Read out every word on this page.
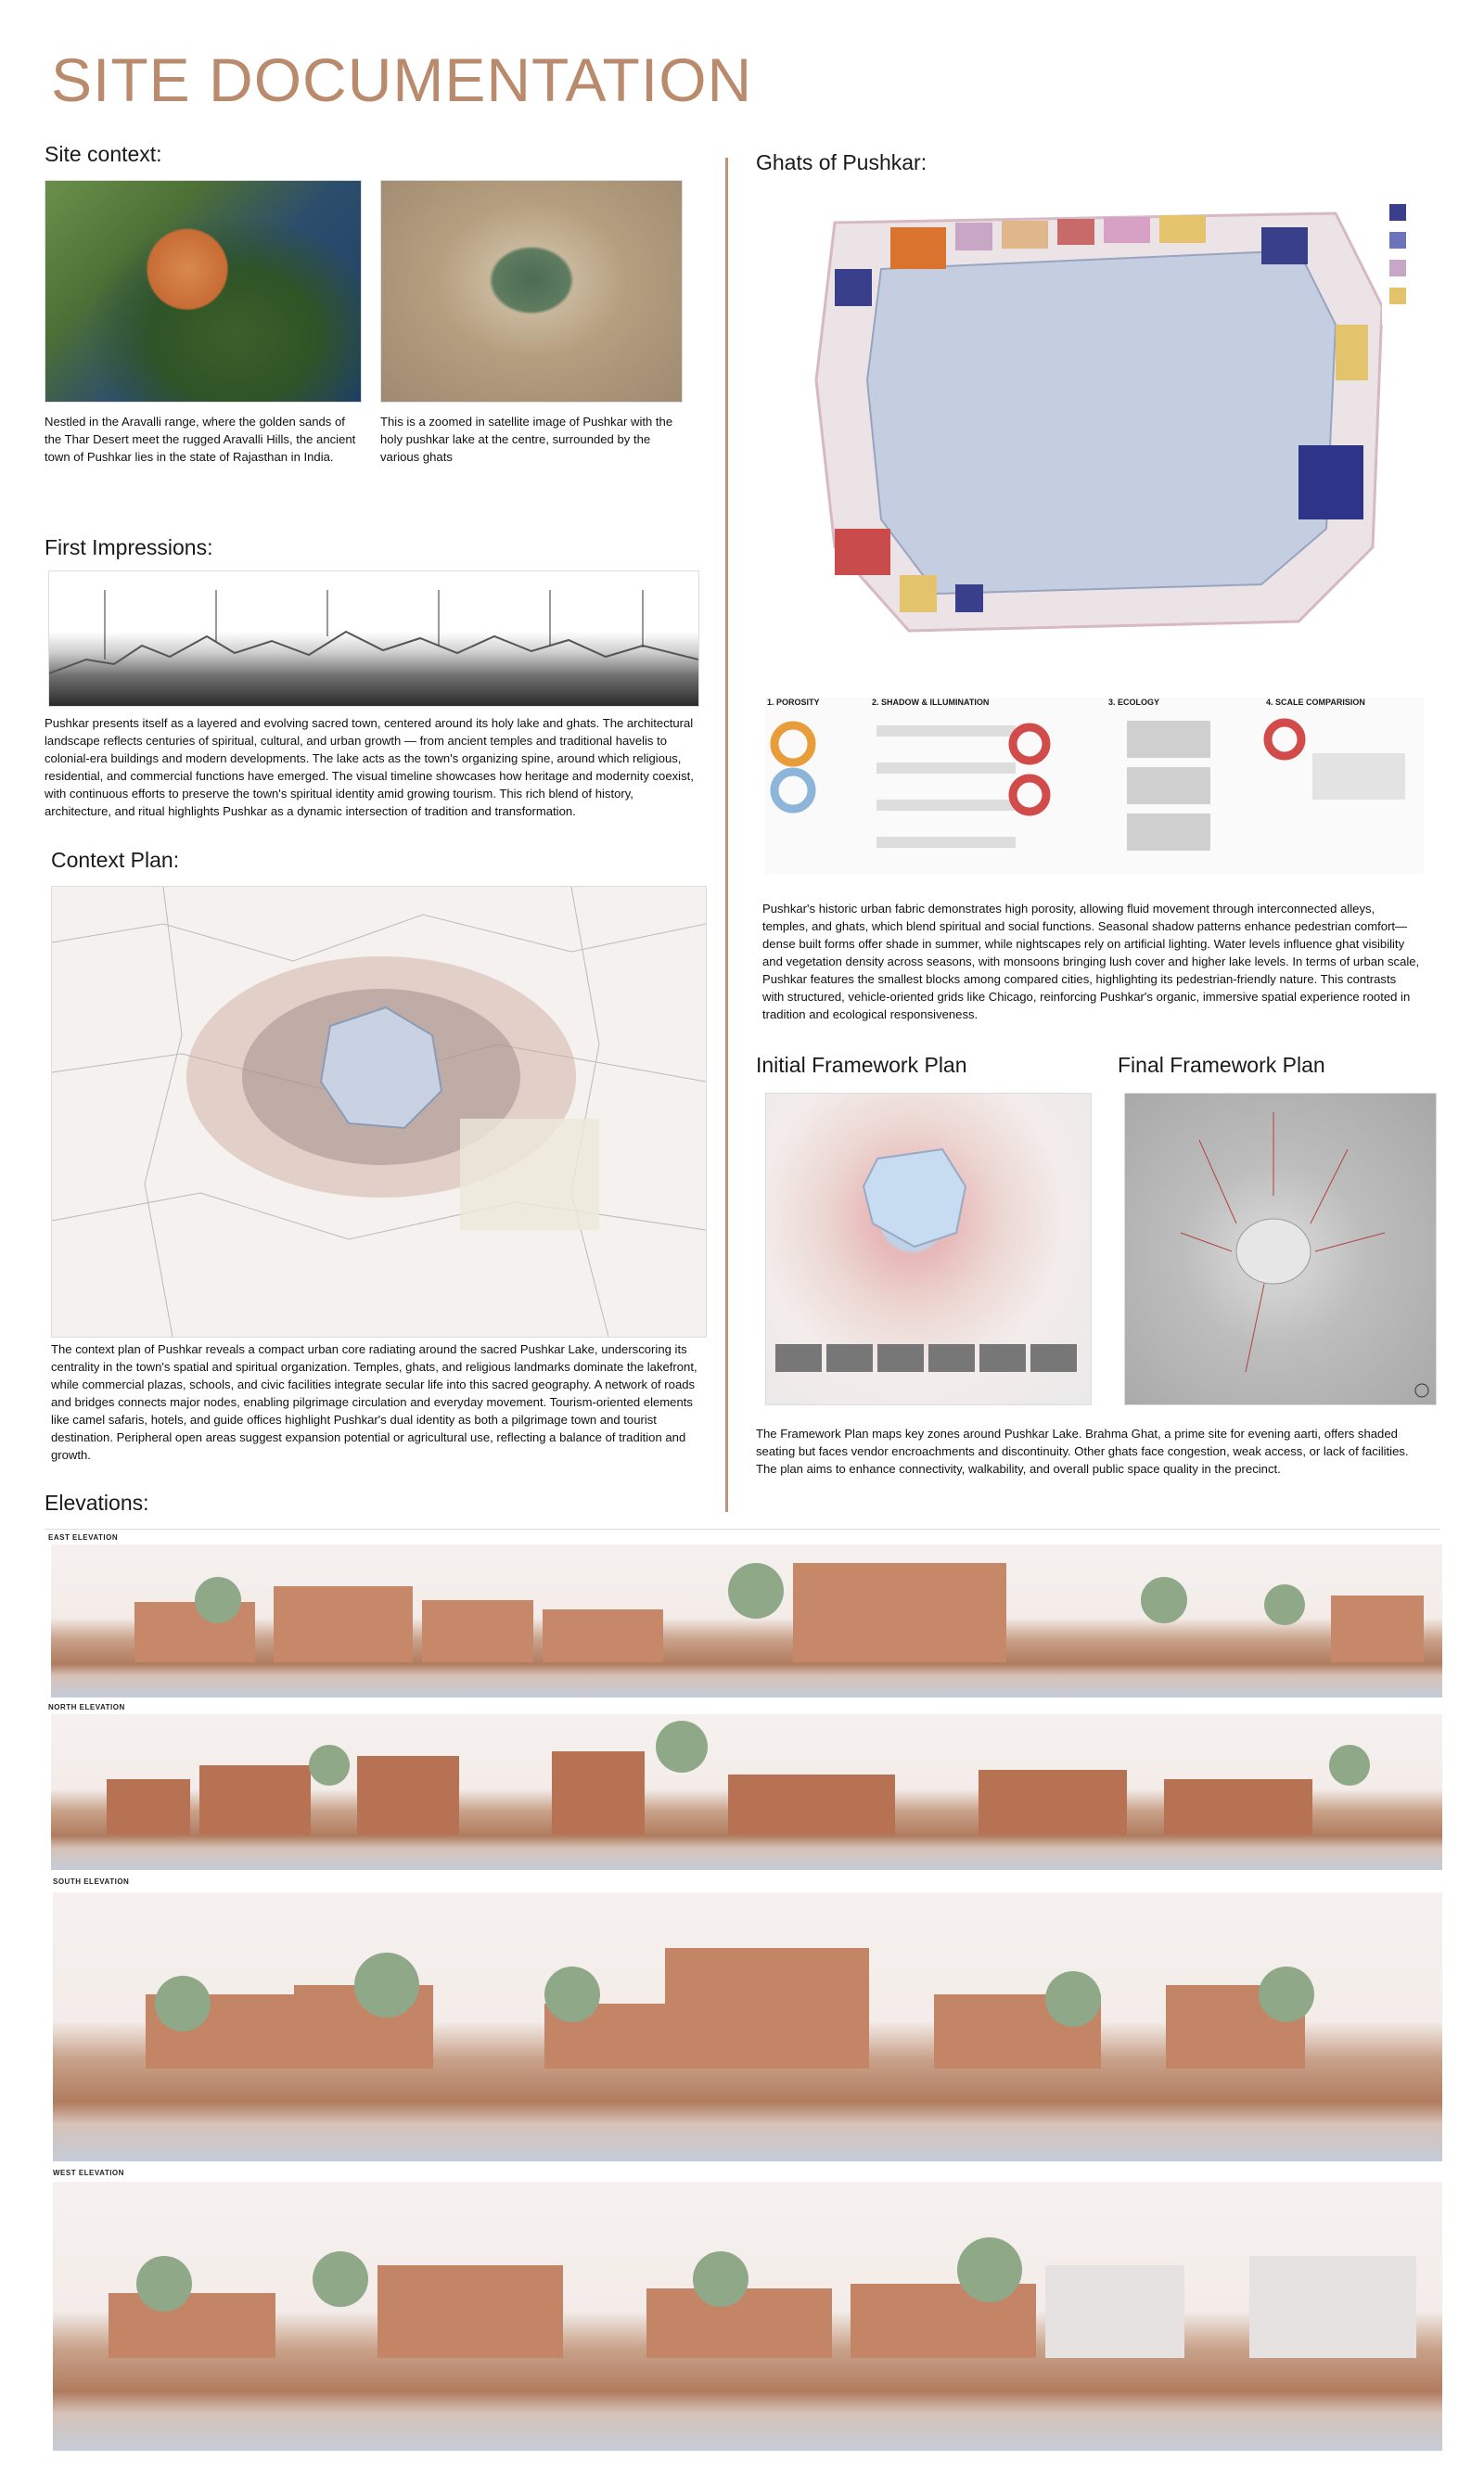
SITE DOCUMENTATION
Site context:
Nestled in the Aravalli range, where the golden sands of the Thar Desert meet the rugged Aravalli Hills, the ancient town of Pushkar lies in the state of Rajasthan in India.
This is a zoomed in satellite image of Pushkar with the holy pushkar lake at the centre, surrounded by the various ghats
First Impressions:
Pushkar presents itself as a layered and evolving sacred town, centered around its holy lake and ghats. The architectural landscape reflects centuries of spiritual, cultural, and urban growth — from ancient temples and traditional havelis to colonial-era buildings and modern developments. The lake acts as the town's organizing spine, around which religious, residential, and commercial functions have emerged. The visual timeline showcases how heritage and modernity coexist, with continuous efforts to preserve the town's spiritual identity amid growing tourism. This rich blend of history, architecture, and ritual highlights Pushkar as a dynamic intersection of tradition and transformation.
Context Plan:
The context plan of Pushkar reveals a compact urban core radiating around the sacred Pushkar Lake, underscoring its centrality in the town's spatial and spiritual organization. Temples, ghats, and religious landmarks dominate the lakefront, while commercial plazas, schools, and civic facilities integrate secular life into this sacred geography. A network of roads and bridges connects major nodes, enabling pilgrimage circulation and everyday movement. Tourism-oriented elements like camel safaris, hotels, and guide offices highlight Pushkar's dual identity as both a pilgrimage town and tourist destination. Peripheral open areas suggest expansion potential or agricultural use, reflecting a balance of tradition and growth.
Ghats of Pushkar:
1. POROSITY	2. SHADOW & ILLUMINATION	3. ECOLOGY	4. SCALE COMPARISION
Pushkar's historic urban fabric demonstrates high porosity, allowing fluid movement through interconnected alleys, temples, and ghats, which blend spiritual and social functions. Seasonal shadow patterns enhance pedestrian comfort—dense built forms offer shade in summer, while nightscapes rely on artificial lighting. Water levels influence ghat visibility and vegetation density across seasons, with monsoons bringing lush cover and higher lake levels. In terms of urban scale, Pushkar features the smallest blocks among compared cities, highlighting its pedestrian-friendly nature. This contrasts with structured, vehicle-oriented grids like Chicago, reinforcing Pushkar's organic, immersive spatial experience rooted in tradition and ecological responsiveness.
Initial Framework Plan	Final Framework Plan
The Framework Plan maps key zones around Pushkar Lake. Brahma Ghat, a prime site for evening aarti, offers shaded seating but faces vendor encroachments and discontinuity. Other ghats face congestion, weak access, or lack of facilities. The plan aims to enhance connectivity, walkability, and overall public space quality in the precinct.
Elevations:
EAST ELEVATION
NORTH ELEVATION
SOUTH ELEVATION
WEST ELEVATION
